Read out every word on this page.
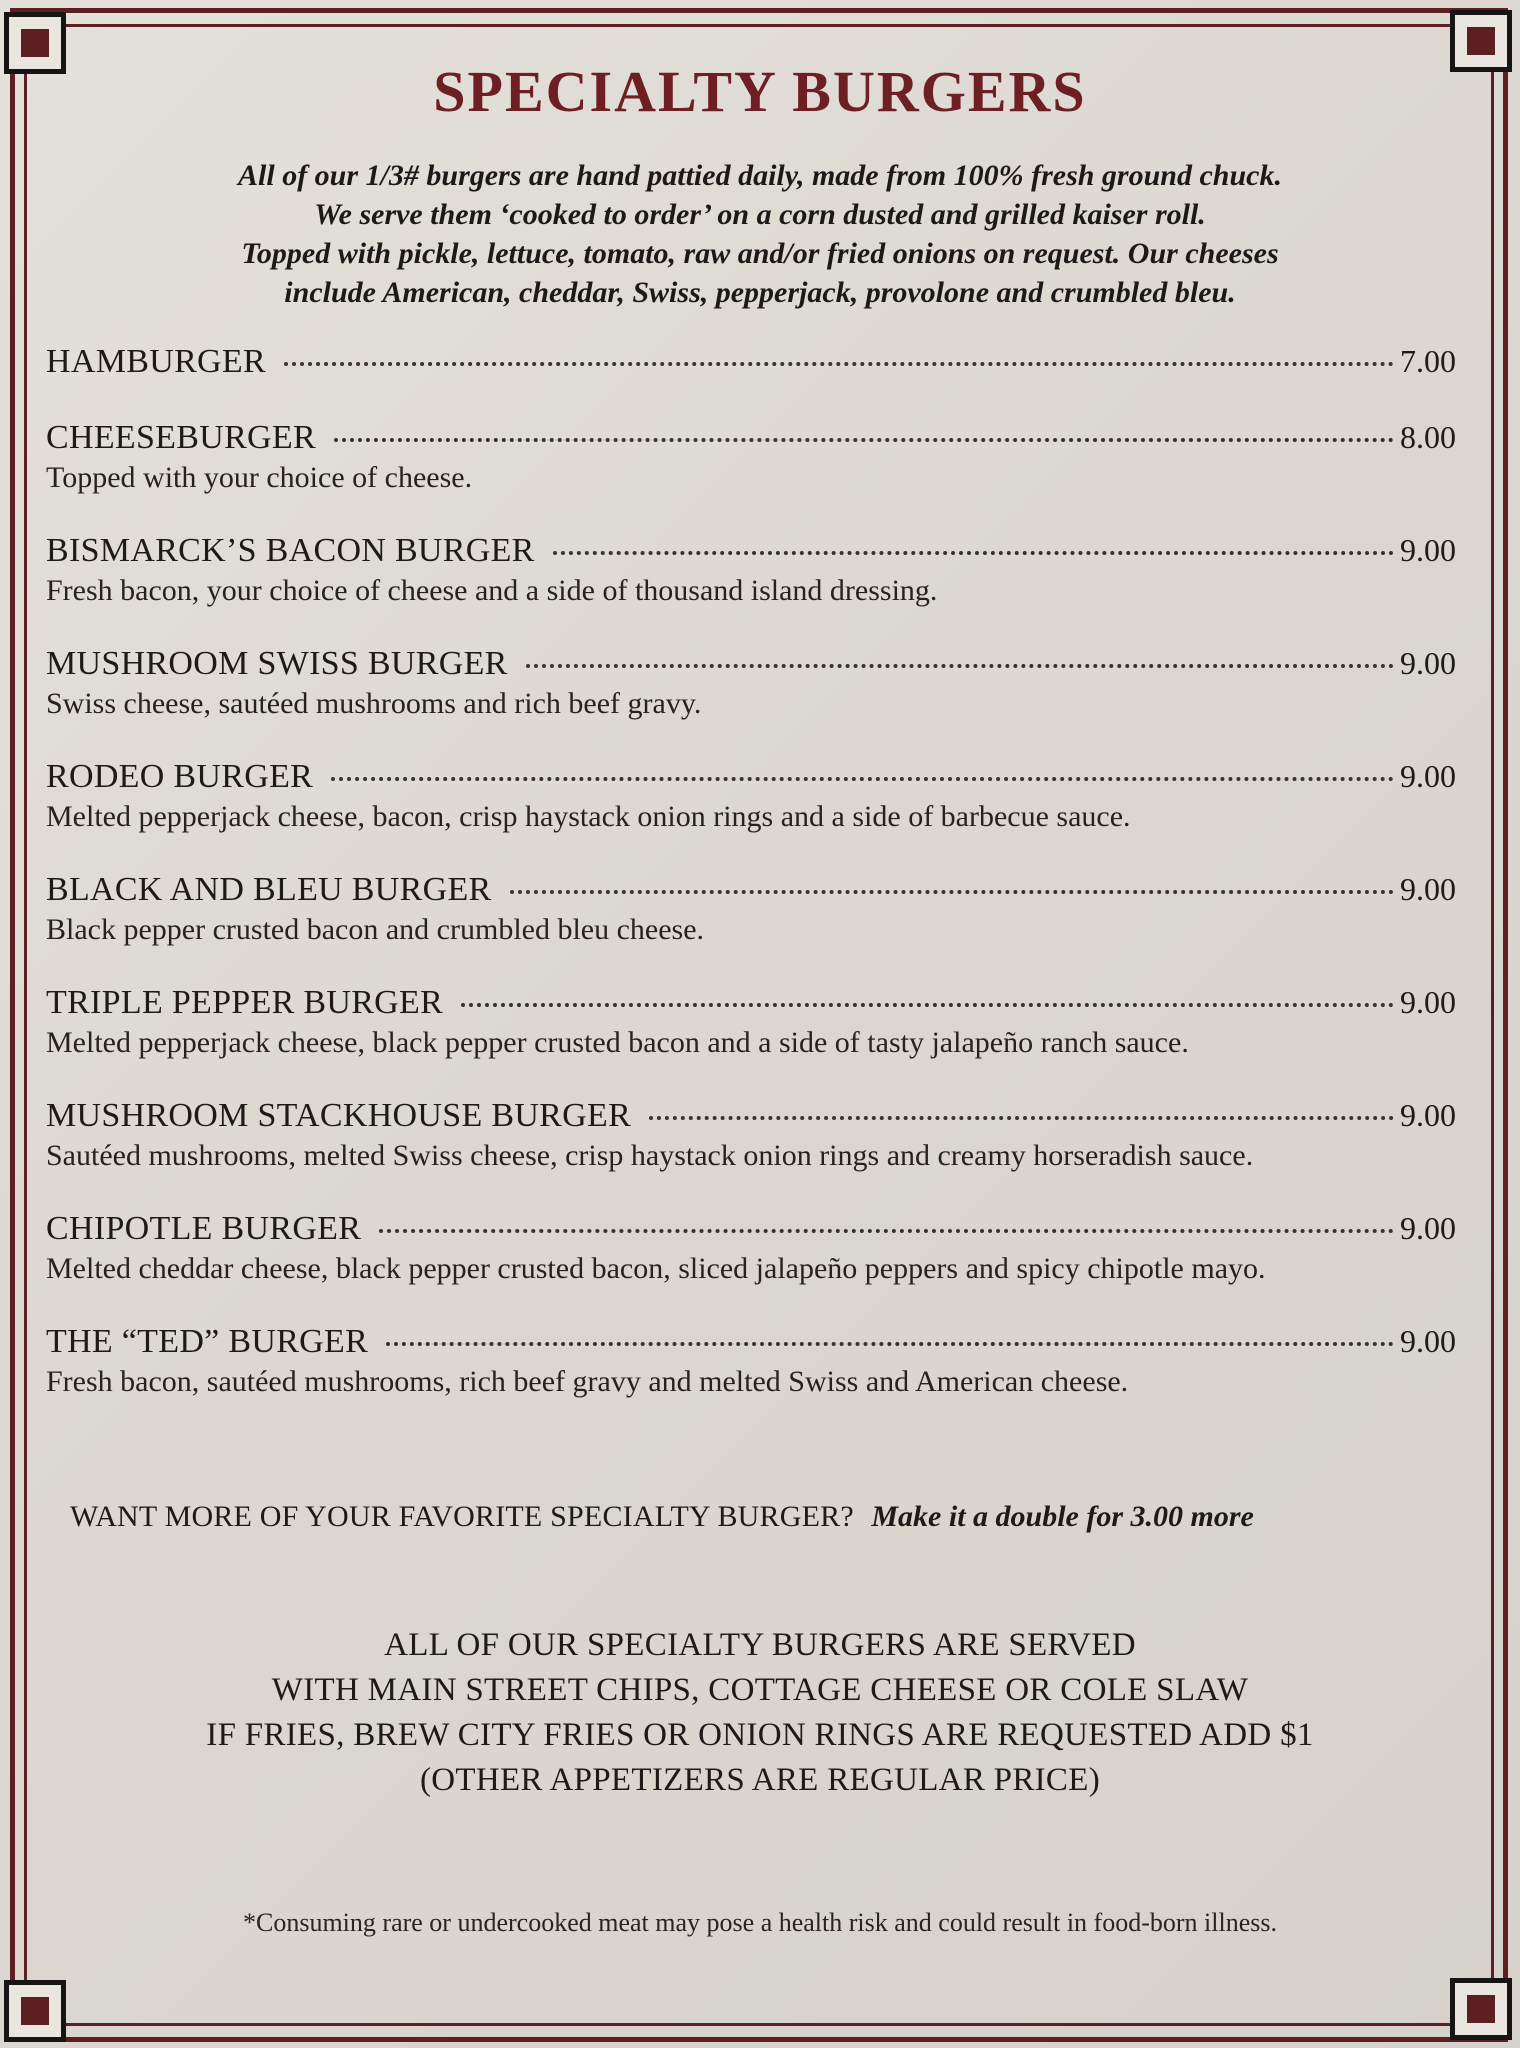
SPECIALTY BURGERS
All of our 1/3# burgers are hand pattied daily, made from 100% fresh ground chuck.
We serve them ‘cooked to order’ on a corn dusted and grilled kaiser roll.
Topped with pickle, lettuce, tomato, raw and/or fried onions on request. Our cheeses
include American, cheddar, Swiss, pepperjack, provolone and crumbled bleu.
HAMBURGER	7.00
CHEESEBURGER	8.00
Topped with your choice of cheese.
BISMARCK’S BACON BURGER	9.00
Fresh bacon, your choice of cheese and a side of thousand island dressing.
MUSHROOM SWISS BURGER	9.00
Swiss cheese, sautéed mushrooms and rich beef gravy.
RODEO BURGER	9.00
Melted pepperjack cheese, bacon, crisp haystack onion rings and a side of barbecue sauce.
BLACK AND BLEU BURGER	9.00
Black pepper crusted bacon and crumbled bleu cheese.
TRIPLE PEPPER BURGER	9.00
Melted pepperjack cheese, black pepper crusted bacon and a side of tasty jalapeño ranch sauce.
MUSHROOM STACKHOUSE BURGER	9.00
Sautéed mushrooms, melted Swiss cheese, crisp haystack onion rings and creamy horseradish sauce.
CHIPOTLE BURGER	9.00
Melted cheddar cheese, black pepper crusted bacon, sliced jalapeño peppers and spicy chipotle mayo.
THE “TED” BURGER	9.00
Fresh bacon, sautéed mushrooms, rich beef gravy and melted Swiss and American cheese.
WANT MORE OF YOUR FAVORITE SPECIALTY BURGER? Make it a double for 3.00 more
ALL OF OUR SPECIALTY BURGERS ARE SERVED
WITH MAIN STREET CHIPS, COTTAGE CHEESE OR COLE SLAW
IF FRIES, BREW CITY FRIES OR ONION RINGS ARE REQUESTED ADD $1
(OTHER APPETIZERS ARE REGULAR PRICE)
*Consuming rare or undercooked meat may pose a health risk and could result in food-born illness.
